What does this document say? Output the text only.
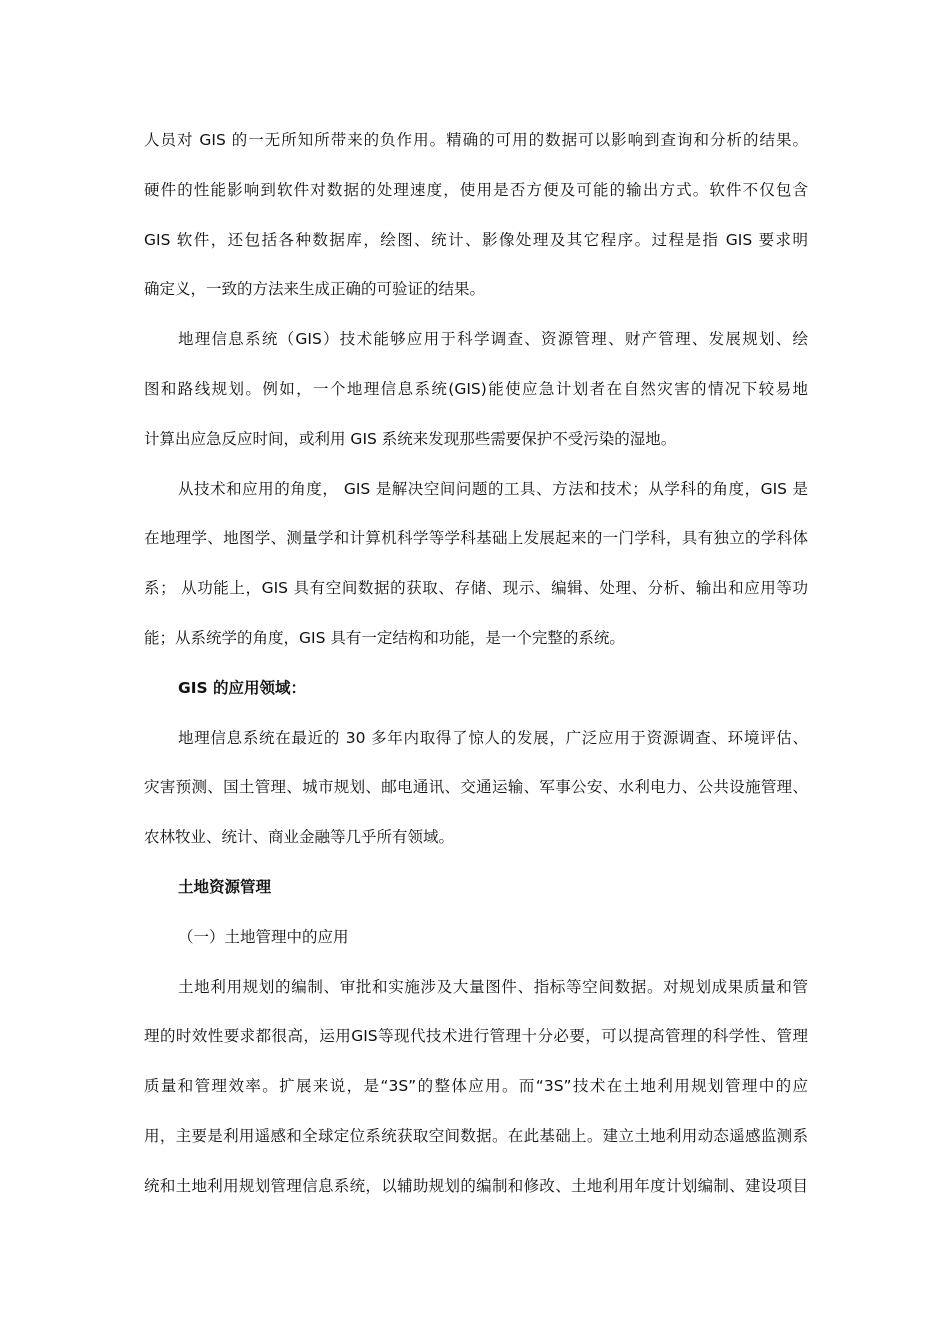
人员对 GIS 的一无所知所带来的负作用。精确的可用的数据可以影响到查询和分析的结果。
硬件的性能影响到软件对数据的处理速度，使用是否方便及可能的输出方式。软件不仅包含
GIS 软件，还包括各种数据库，绘图、统计、影像处理及其它程序。过程是指 GIS 要求明
确定义，一致的方法来生成正确的可验证的结果。
地理信息系统（GIS）技术能够应用于科学调查、资源管理、财产管理、发展规划、绘
图和路线规划。例如，一个地理信息系统(GIS)能使应急计划者在自然灾害的情况下较易地
计算出应急反应时间，或利用 GIS 系统来发现那些需要保护不受污染的湿地。
从技术和应用的角度， GIS 是解决空间问题的工具、方法和技术；从学科的角度，GIS 是
在地理学、地图学、测量学和计算机科学等学科基础上发展起来的一门学科，具有独立的学科体
系； 从功能上，GIS 具有空间数据的获取、存储、现示、编辑、处理、分析、输出和应用等功
能；从系统学的角度，GIS 具有一定结构和功能，是一个完整的系统。
GIS 的应用领域：
地理信息系统在最近的 30 多年内取得了惊人的发展，广泛应用于资源调查、环境评估、
灾害预测、国土管理、城市规划、邮电通讯、交通运输、军事公安、水利电力、公共设施管理、
农林牧业、统计、商业金融等几乎所有领域。
土地资源管理
（一）土地管理中的应用
土地利用规划的编制、审批和实施涉及大量图件、指标等空间数据。对规划成果质量和管
理的时效性要求都很高，运用GIS等现代技术进行管理十分必要，可以提高管理的科学性、管理
质量和管理效率。扩展来说，是“3S”的整体应用。而“3S”技术在土地利用规划管理中的应
用，主要是利用遥感和全球定位系统获取空间数据。在此基础上。建立土地利用动态遥感监测系
统和土地利用规划管理信息系统，以辅助规划的编制和修改、土地利用年度计划编制、建设项目
